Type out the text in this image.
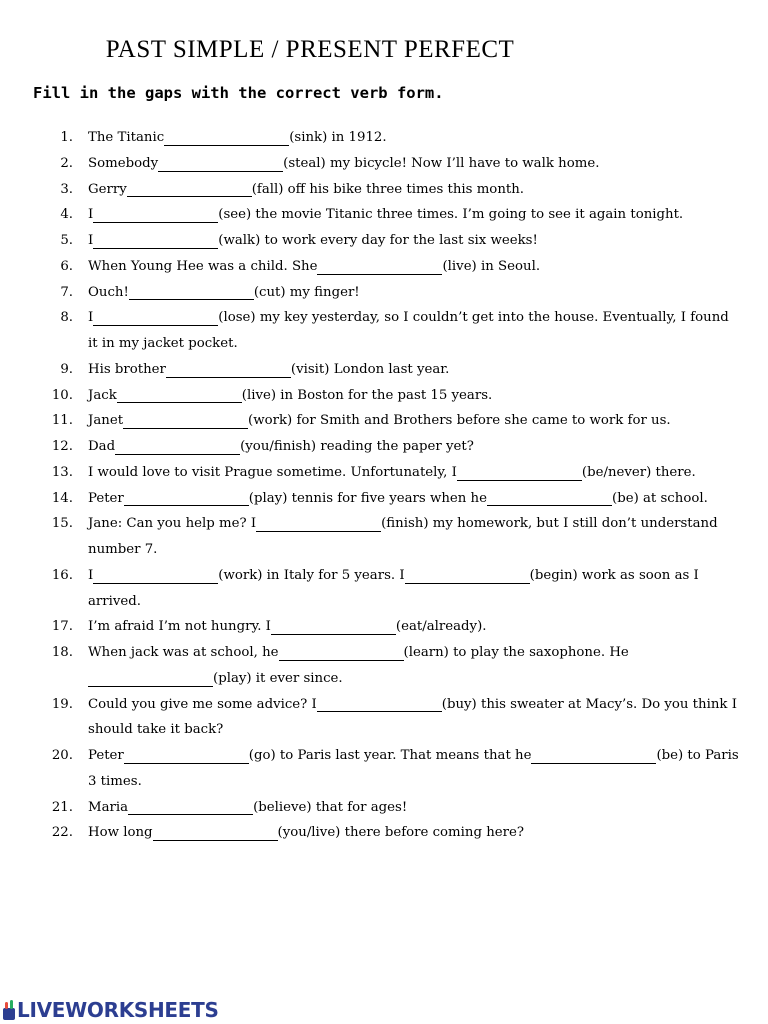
PAST SIMPLE / PRESENT PERFECT

Fill in the gaps with the correct verb form.

1. The Titanic	(sink) in 1912.
2. Somebody	(steal) my bicycle! Now I’ll have to walk home.
3. Gerry	(fall) off his bike three times this month.
4. I	(see) the movie Titanic three times. I’m going to see it again tonight.
5. I	(walk) to work every day for the last six weeks!
6. When Young Hee was a child. She	(live) in Seoul.
7. Ouch!	(cut) my finger!
8. I	(lose) my key yesterday, so I couldn’t get into the house. Eventually, I found it in my jacket pocket.
9. His brother	(visit) London last year.
10. Jack	(live) in Boston for the past 15 years.
11. Janet	(work) for Smith and Brothers before she came to work for us.
12. Dad	(you/finish) reading the paper yet?
13. I would love to visit Prague sometime. Unfortunately, I	(be/never) there.
14. Peter	(play) tennis for five years when he	(be) at school.
15. Jane: Can you help me? I	(finish) my homework, but I still don’t understand number 7.
16. I	(work) in Italy for 5 years. I	(begin) work as soon as I arrived.
17. I’m afraid I’m not hungry. I	(eat/already).
18. When jack was at school, he	(learn) to play the saxophone. He (play) it ever since.
19. Could you give me some advice? I	(buy) this sweater at Macy’s. Do you think I should take it back?
20. Peter	(go) to Paris last year. That means that he	(be) to Paris 3 times.
21. Maria	(believe) that for ages!
22. How long	(you/live) there before coming here?
LIVEWORKSHEETS
